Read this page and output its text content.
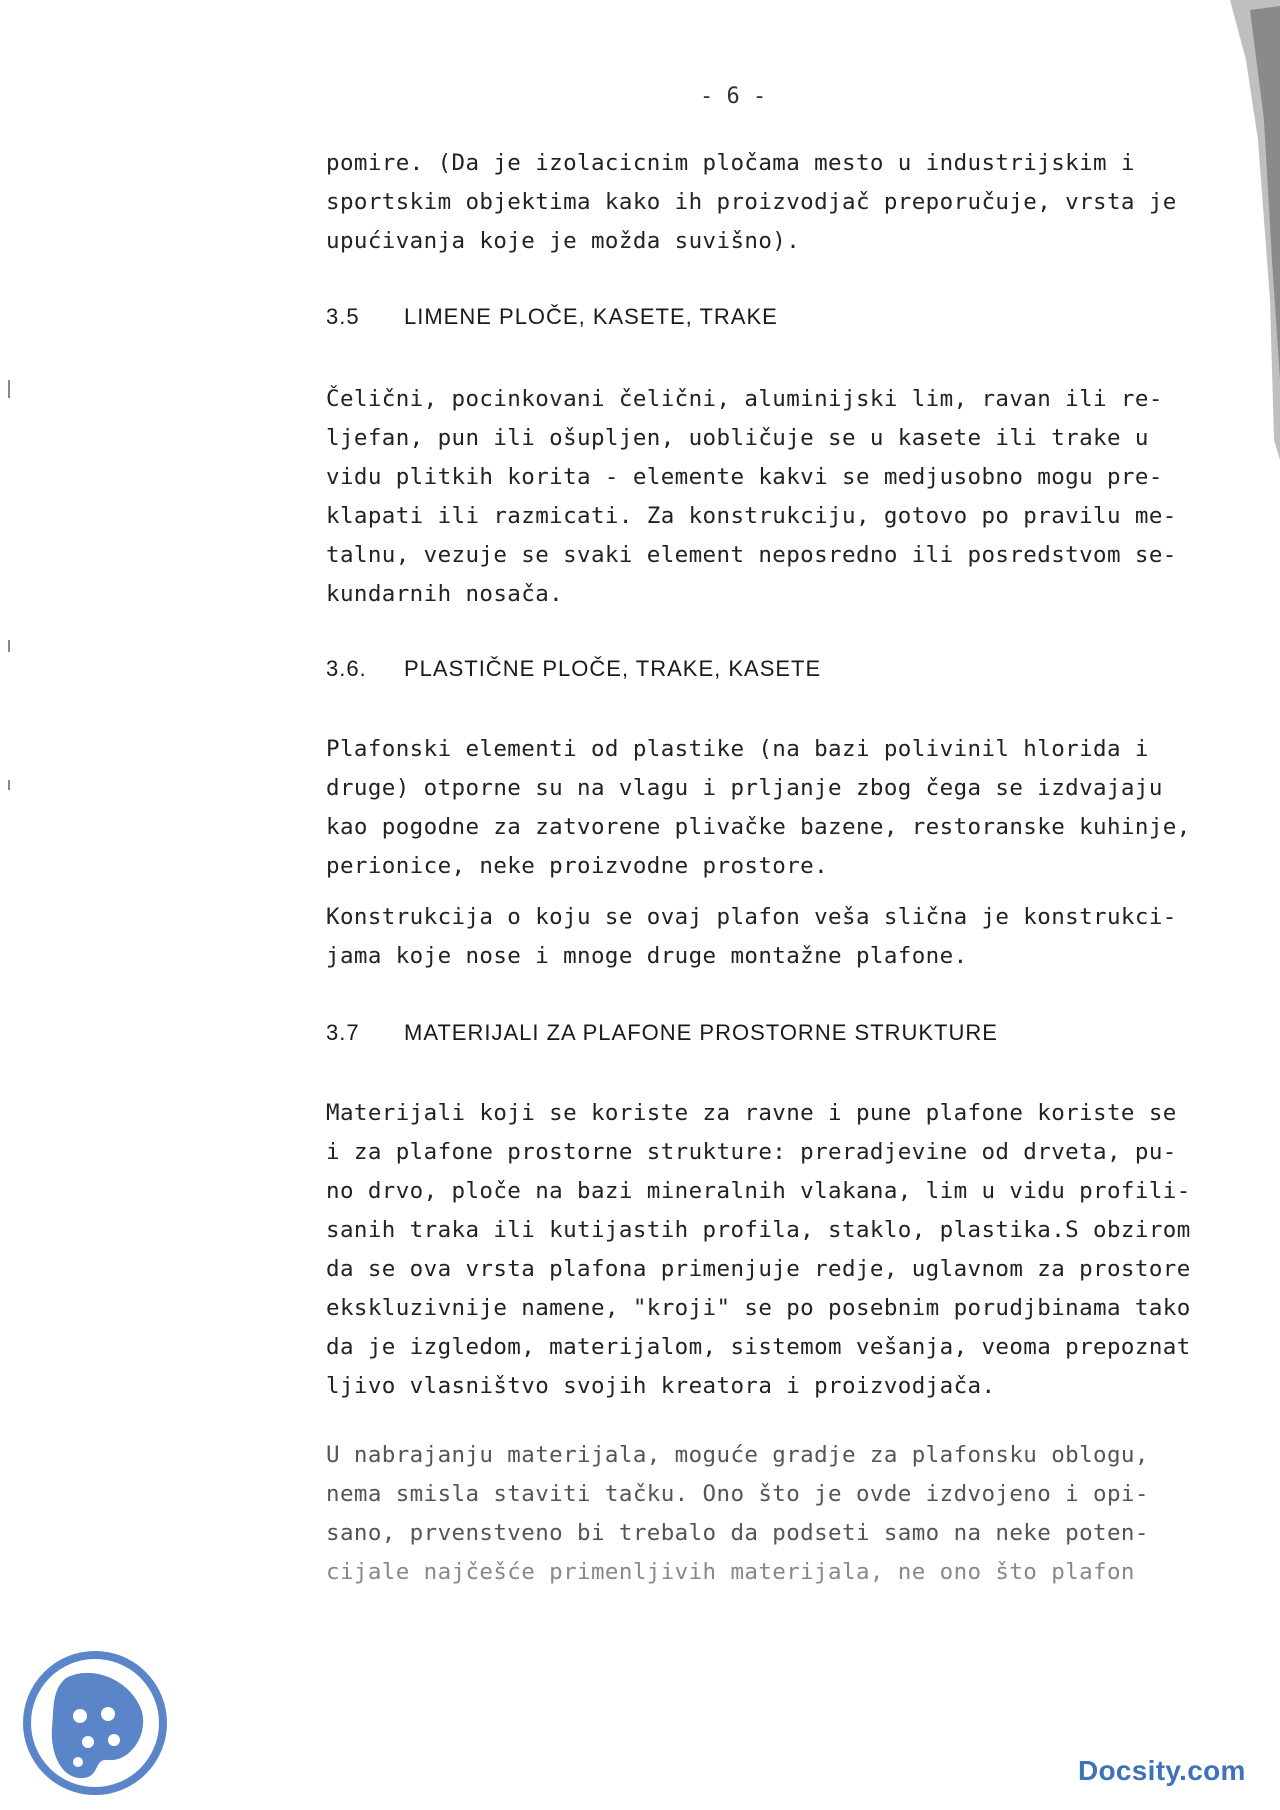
- 6 -
pomire. (Da je izolacicnim pločama mesto u industrijskim i
sportskim objektima kako ih proizvodjač preporučuje, vrsta je
upućivanja koje je možda suvišno).
3.5 LIMENE PLOČE, KASETE, TRAKE
Čelični, pocinkovani čelični, aluminijski lim, ravan ili re-
ljefan, pun ili ošupljen, uobličuje se u kasete ili trake u
vidu plitkih korita - elemente kakvi se medjusobno mogu pre-
klapati ili razmicati. Za konstrukciju, gotovo po pravilu me-
talnu, vezuje se svaki element neposredno ili posredstvom se-
kundarnih nosača.
3.6. PLASTIČNE PLOČE, TRAKE, KASETE
Plafonski elementi od plastike (na bazi polivinil hlorida i
druge) otporne su na vlagu i prljanje zbog čega se izdvajaju
kao pogodne za zatvorene plivačke bazene, restoranske kuhinje,
perionice, neke proizvodne prostore.
Konstrukcija o koju se ovaj plafon veša slična je konstrukci-
jama koje nose i mnoge druge montažne plafone.
3.7 MATERIJALI ZA PLAFONE PROSTORNE STRUKTURE
Materijali koji se koriste za ravne i pune plafone koriste se
i za plafone prostorne strukture: preradjevine od drveta, pu-
no drvo, ploče na bazi mineralnih vlakana, lim u vidu profili-
sanih traka ili kutijastih profila, staklo, plastika.S obzirom
da se ova vrsta plafona primenjuje redje, uglavnom za prostore
ekskluzivnije namene, "kroji" se po posebnim porudjbinama tako
da je izgledom, materijalom, sistemom vešanja, veoma prepoznat
ljivo vlasništvo svojih kreatora i proizvodjača.
U nabrajanju materijala, moguće gradje za plafonsku oblogu,
nema smisla staviti tačku. Ono što je ovde izdvojeno i opi-
sano, prvenstveno bi trebalo da podseti samo na neke poten-
cijale najčešće primenljivih materijala, ne ono što plafon
Docsity.com
